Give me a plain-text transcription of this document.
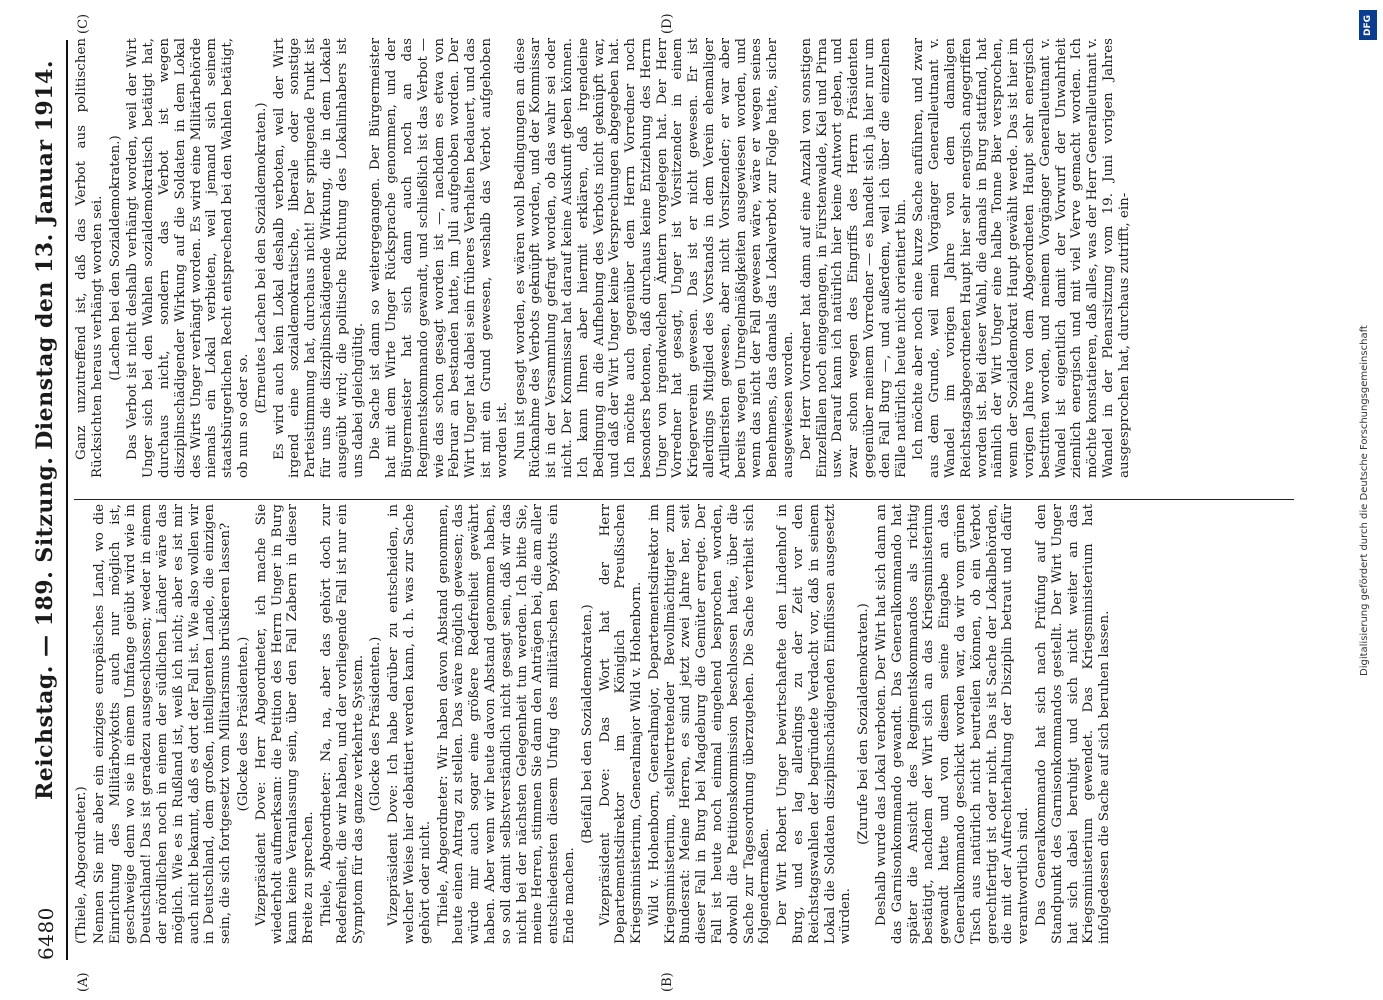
6480
Reichstag. — 189. Sitzung.
Dienstag den 13. Januar 1914.
(A)	(B)
(C)	(D)

(Thiele, Abgeordneter.) Nennen Sie mir aber ein einziges europäisches Land, wo die Einrichtung des Militärboykotts auch nur möglich ist, geschweige denn wo sie in einem Umfange geübt wird wie in Deutschland! Das ist geradezu ausgeschlossen; weder in einem der nördlichen noch in einem der südlichen Länder wäre das möglich. Wie es in Rußland ist, weiß ich nicht; aber es ist mir auch nicht bekannt, daß es dort der Fall ist. Wie also wollen wir in Deutschland, dem großen, intelligenten Lande, die einzigen sein, die sich fortgesetzt vom Militarismus brüskieren lassen? (Glocke des Präsidenten.) Vizepräsident Dove: Herr Abgeordneter, ich mache Sie wiederholt aufmerksam: die Petition des Herrn Unger in Burg kann keine Veranlassung sein, über den Fall Zabern in dieser Breite zu sprechen. Thiele, Abgeordneter: Na, na, aber das gehört doch zur Redefreiheit, die wir haben, und der vorliegende Fall ist nur ein Symptom für das ganze verkehrte System. (Glocke des Präsidenten.) Vizepräsident Dove: Ich habe darüber zu entscheiden, in welcher Weise hier debattiert werden kann, d. h. was zur Sache gehört oder nicht. Thiele, Abgeordneter: Wir haben davon Abstand genommen, heute einen Antrag zu stellen. Das wäre möglich gewesen; das würde mir auch sogar eine größere Redefreiheit gewährt haben. Aber wenn wir heute davon Abstand genommen haben, so soll damit selbstverständlich nicht gesagt sein, daß wir das nicht bei der nächsten Gelegenheit tun werden. Ich bitte Sie, meine Herren, stimmen Sie dann den Anträgen bei, die am aller entschiedensten diesem Unfug des militärischen Boykotts ein Ende machen.

(Beifall bei den Sozialdemokraten.) Vizepräsident Dove: Das Wort hat der Herr Departementsdirektor im Königlich Preußischen Kriegsministerium, Generalmajor Wild v. Hohenborn. Wild v. Hohenborn, Generalmajor, Departementsdirektor im Kriegsministerium, stellvertretender Bevollmächtigter zum Bundesrat: Meine Herren, es sind jetzt zwei Jahre her, seit dieser Fall in Burg bei Magdeburg die Gemüter erregte. Der Fall ist heute noch einmal eingehend besprochen worden, obwohl die Petitionskommission beschlossen hatte, über die Sache zur Tagesordnung überzugehen. Die Sache verhielt sich folgendermaßen. Der Wirt Robert Unger bewirtschaftete den Lindenhof in Burg, und es lag allerdings zu der Zeit vor den Reichstagswahlen der begründete Verdacht vor, daß in seinem Lokal die Soldaten disziplinschädigenden Einflüssen ausgesetzt würden.

(Zurufe bei den Sozialdemokraten.) Deshalb wurde das Lokal verboten. Der Wirt hat sich dann an das Garnisonkommando gewandt. Das Generalkommando hat später die Ansicht des Regimentskommandos als richtig bestätigt, nachdem der Wirt sich an das Kriegsministerium gewandt hatte und von diesem seine Eingabe an das Generalkommando geschickt worden war, da wir vom grünen Tisch aus natürlich nicht beurteilen können, ob ein Verbot gerechtfertigt ist oder nicht. Das ist Sache der Lokalbehörden, die mit der Aufrechterhaltung der Disziplin betraut und dafür verantwortlich sind. Das Generalkommando hat sich nach Prüfung auf den Standpunkt des Garnisonkommandos gestellt. Der Wirt Unger hat sich dabei beruhigt und sich nicht weiter an das Kriegsministerium gewendet. Das Kriegsministerium hat infolgedessen die Sache auf sich beruhen lassen.

Ganz unzutreffend ist, daß das Verbot aus politischen Rücksichten heraus verhängt worden sei. (Lachen bei den Sozialdemokraten.) Das Verbot ist nicht deshalb verhängt worden, weil der Wirt Unger sich bei den Wahlen sozialdemokratisch betätigt hat, durchaus nicht, sondern das Verbot ist wegen disziplinschädigender Wirkung auf die Soldaten in dem Lokal des Wirts Unger verhängt worden. Es wird eine Militärbehörde niemals ein Lokal verbieten, weil jemand sich seinem staatsbürgerlichen Recht entsprechend bei den Wahlen betätigt, ob nun so oder so.

(Erneutes Lachen bei den Sozialdemokraten.) Es wird auch kein Lokal deshalb verboten, weil der Wirt irgend eine sozialdemokratische, liberale oder sonstige Parteistimmung hat, durchaus nicht! Der springende Punkt ist für uns die disziplinschädigende Wirkung, die in dem Lokale ausgeübt wird; die politische Richtung des Lokalinhabers ist uns dabei gleichgültig. Die Sache ist dann so weitergegangen. Der Bürgermeister hat mit dem Wirte Unger Rücksprache genommen, und der Bürgermeister hat sich dann auch noch an das Regimentskommando gewandt, und schließlich ist das Verbot — wie das schon gesagt worden ist —, nachdem es etwa von Februar an bestanden hatte, im Juli aufgehoben worden. Der Wirt Unger hat dabei sein früheres Verhalten bedauert, und das ist mit ein Grund gewesen, weshalb das Verbot aufgehoben worden ist. Nun ist gesagt worden, es wären wohl Bedingungen an diese Rücknahme des Verbots geknüpft worden, und der Kommissar ist in der Versammlung gefragt worden, ob das wahr sei oder nicht. Der Kommissar hat darauf keine Auskunft geben können. Ich kann Ihnen aber hiermit erklären, daß irgendeine Bedingung an die Aufhebung des Verbots nicht geknüpft war, und daß der Wirt Unger keine Versprechungen abgegeben hat. Ich möchte auch gegenüber dem Herrn Vorredner noch besonders betonen, daß durchaus keine Entziehung des Herrn Unger von irgendwelchen Ämtern vorgelegen hat. Der Herr Vorredner hat gesagt, Unger ist Vorsitzender in einem Kriegerverein gewesen. Das ist er nicht gewesen. Er ist allerdings Mitglied des Vorstands in dem Verein ehemaliger Artilleristen gewesen, aber nicht Vorsitzender; er war aber bereits wegen Unregelmäßigkeiten ausgewiesen worden, und wenn das nicht der Fall gewesen wäre, wäre er wegen seines Benehmens, das damals das Lokalverbot zur Folge hatte, sicher ausgewiesen worden. Der Herr Vorredner hat dann auf eine Anzahl von sonstigen Einzelfällen noch eingegangen, in Fürstenwalde, Kiel und Pirna usw. Darauf kann ich natürlich hier keine Antwort geben, und zwar schon wegen des Eingriffs des Herrn Präsidenten gegenüber meinem Vorredner — es handelt sich ja hier nur um den Fall Burg —, und außerdem, weil ich über die einzelnen Fälle natürlich heute nicht orientiert bin. Ich möchte aber noch eine kurze Sache anführen, und zwar aus dem Grunde, weil mein Vorgänger Generalleutnant v. Wandel im vorigen Jahre von dem damaligen Reichstagsabgeordneten Haupt hier sehr energisch angegriffen worden ist. Bei dieser Wahl, die damals in Burg stattfand, hat nämlich der Wirt Unger eine halbe Tonne Bier versprochen, wenn der Sozialdemokrat Haupt gewählt werde. Das ist hier im vorigen Jahre von dem Abgeordneten Haupt sehr energisch bestritten worden, und meinem Vorgänger Generalleutnant v. Wandel ist eigentlich damit der Vorwurf der Unwahrheit ziemlich energisch und mit viel Verve gemacht worden. Ich möchte konstatieren, daß alles, was der Herr Generalleutnant v. Wandel in der Plenarsitzung vom 19. Juni vorigen Jahres ausgesprochen hat, durchaus zutrifft, ein-

DFG
Digitalisierung gefördert durch die Deutsche Forschungsgemeinschaft
